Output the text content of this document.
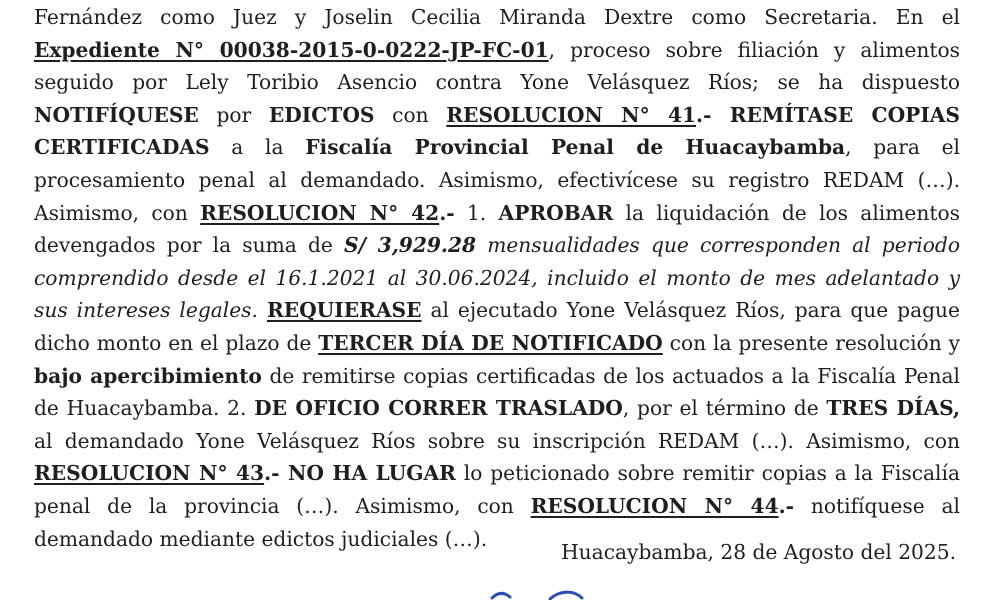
Fernández como Juez y Joselin Cecilia Miranda Dextre como Secretaria. En el Expediente N° 00038-2015-0-0222-JP-FC-01, proceso sobre filiación y alimentos seguido por Lely Toribio Asencio contra Yone Velásquez Ríos; se ha dispuesto NOTIFÍQUESE por EDICTOS con RESOLUCION N° 41.- REMÍTASE COPIAS CERTIFICADAS a la Fiscalía Provincial Penal de Huacaybamba, para el procesamiento penal al demandado. Asimismo, efectivícese su registro REDAM (…). Asimismo, con RESOLUCION N° 42.- 1. APROBAR la liquidación de los alimentos devengados por la suma de S/ 3,929.28 mensualidades que corresponden al periodo comprendido desde el 16.1.2021 al 30.06.2024, incluido el monto de mes adelantado y sus intereses legales. REQUIERASE al ejecutado Yone Velásquez Ríos, para que pague dicho monto en el plazo de TERCER DÍA DE NOTIFICADO con la presente resolución y bajo apercibimiento de remitirse copias certificadas de los actuados a la Fiscalía Penal de Huacaybamba. 2. DE OFICIO CORRER TRASLADO, por el término de TRES DÍAS, al demandado Yone Velásquez Ríos sobre su inscripción REDAM (…). Asimismo, con RESOLUCION N° 43.- NO HA LUGAR lo peticionado sobre remitir copias a la Fiscalía penal de la provincia (…). Asimismo, con RESOLUCION N° 44.- notifíquese al demandado mediante edictos judiciales (…).

Huacaybamba, 28 de Agosto del 2025.
